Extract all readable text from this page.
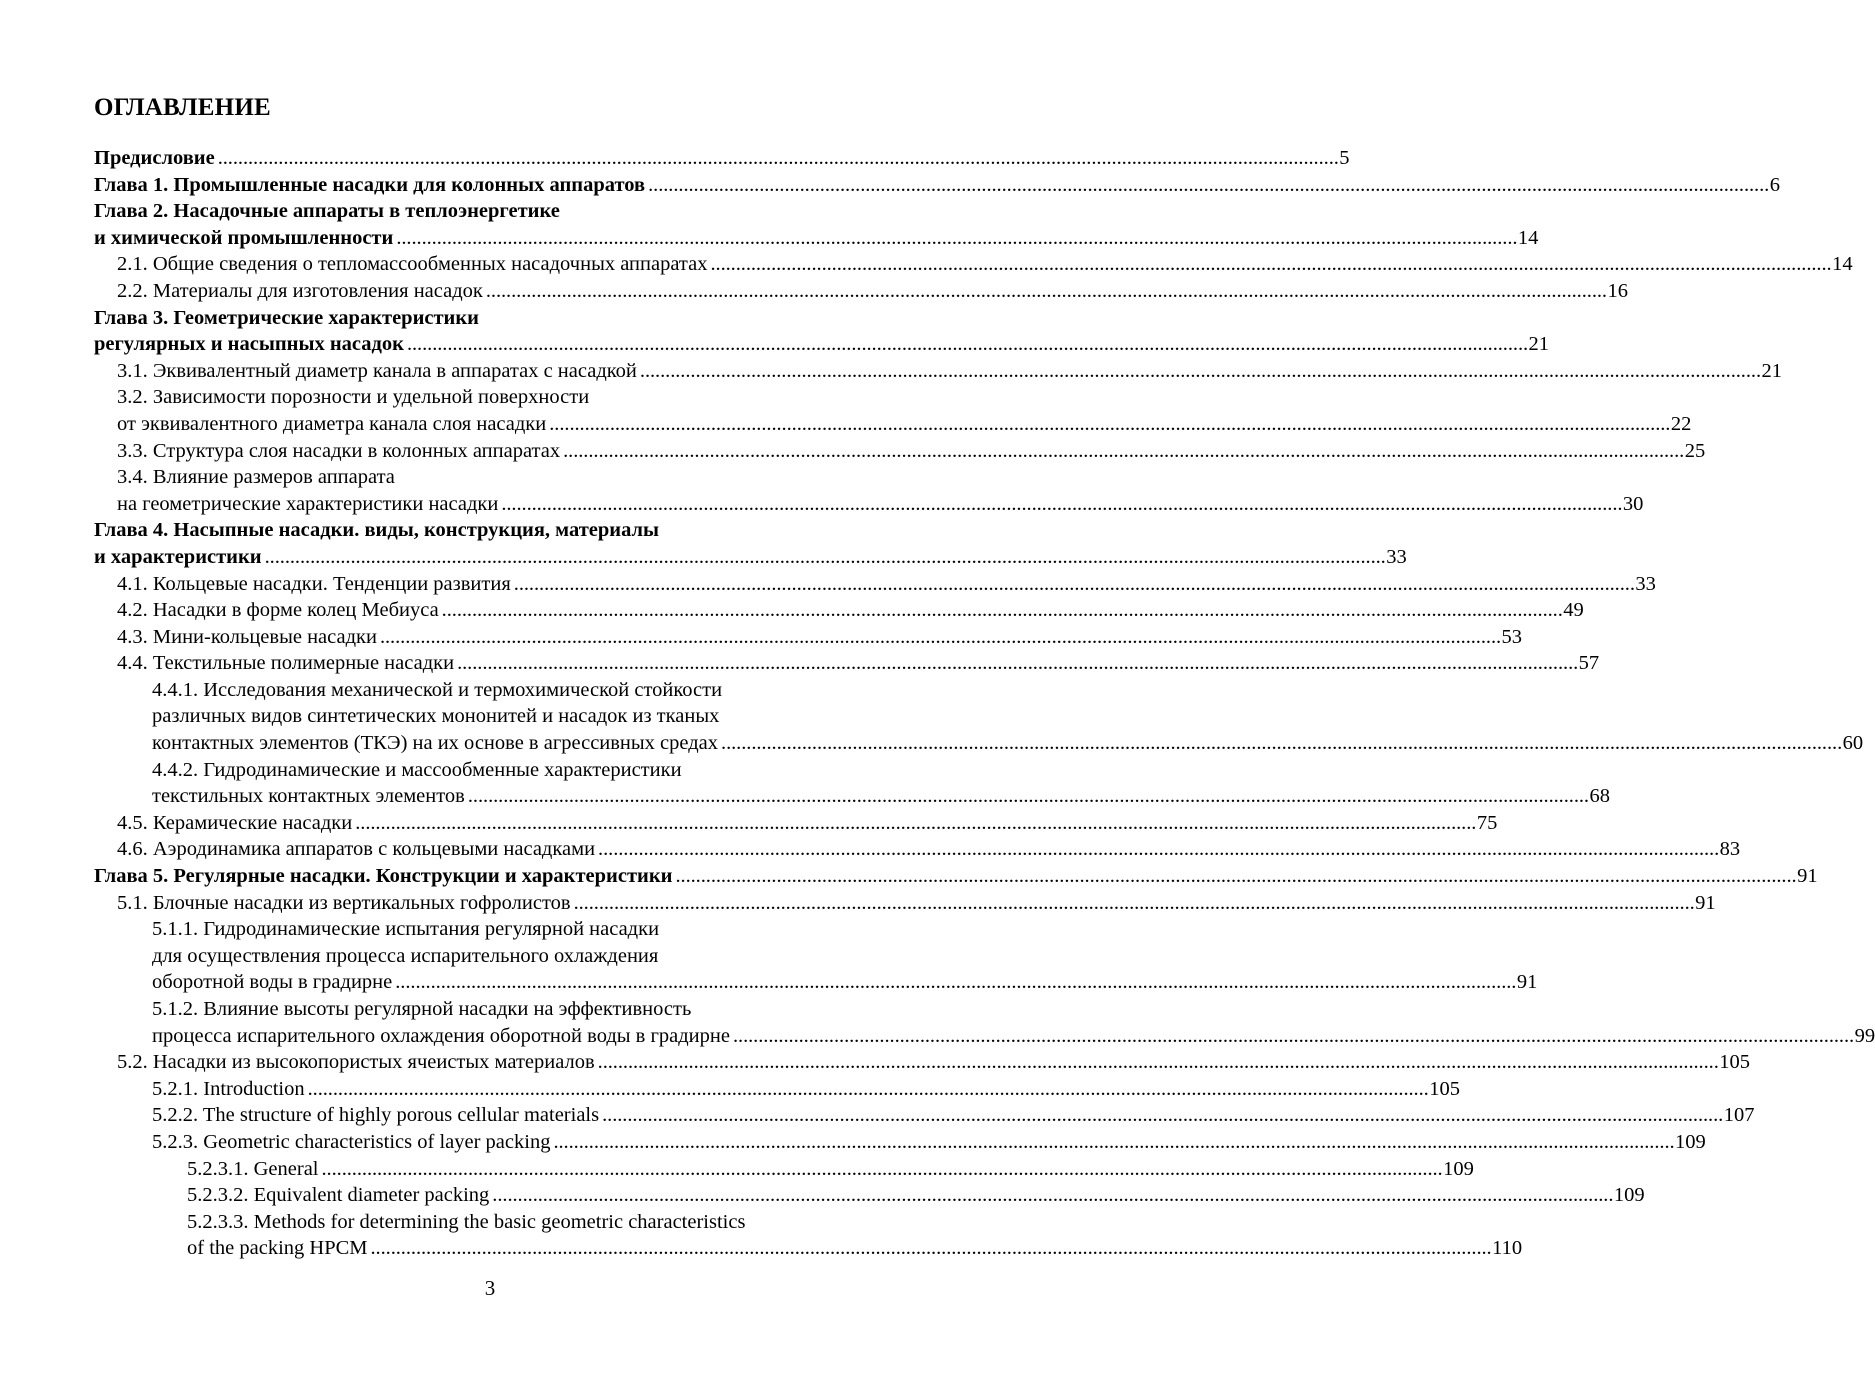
ОГЛАВЛЕНИЕ
Предисловие . . .	5
Глава 1. Промышленные насадки для колонных аппаратов . . .	6
Глава 2. Насадочные аппараты в теплоэнергетике
и химической промышленности . . .	14
2.1. Общие сведения о тепломассообменных насадочных аппаратах . . .	14
2.2. Материалы для изготовления насадок . . .	16
Глава 3. Геометрические характеристики
регулярных и насыпных насадок . . .	21
3.1. Эквивалентный диаметр канала в аппаратах с насадкой . . .	21
3.2. Зависимости порозности и удельной поверхности
от эквивалентного диаметра канала слоя насадки . . .	22
3.3. Структура слоя насадки в колонных аппаратах . . .	25
3.4. Влияние размеров аппарата
на геометрические характеристики насадки . . .	30
Глава 4. Насыпные насадки. виды, конструкция, материалы
и характеристики . . .	33
4.1. Кольцевые насадки. Тенденции развития . . .	33
4.2. Насадки в форме колец Мебиуса . . .	49
4.3. Мини-кольцевые насадки . . .	53
4.4. Текстильные полимерные насадки . . .	57
4.4.1. Исследования механической и термохимической стойкости
различных видов синтетических мононитей и насадок из тканых
контактных элементов (ТКЭ) на их основе в агрессивных средах . . .	60
4.4.2. Гидродинамические и массообменные характеристики
текстильных контактных элементов . . .	68
4.5. Керамические насадки . . .	75
4.6. Аэродинамика аппаратов с кольцевыми насадками . . .	83
Глава 5. Регулярные насадки. Конструкции и характеристики . . .	91
5.1. Блочные насадки из вертикальных гофролистов . . .	91
5.1.1. Гидродинамические испытания регулярной насадки
для осуществления процесса испарительного охлаждения
оборотной воды в градирне . . .	91
5.1.2. Влияние высоты регулярной насадки на эффективность
процесса испарительного охлаждения оборотной воды в градирне . . .	99
5.2. Насадки из высокопористых ячеистых материалов . . .	105
5.2.1. Introduction . . .	105
5.2.2. The structure of highly porous cellular materials . . .	107
5.2.3. Geometric characteristics of layer packing . . .	109
5.2.3.1. General . . .	109
5.2.3.2. Equivalent diameter packing . . .	109
5.2.3.3. Methods for determining the basic geometric characteristics
of the packing HPCM . . .	110
3
